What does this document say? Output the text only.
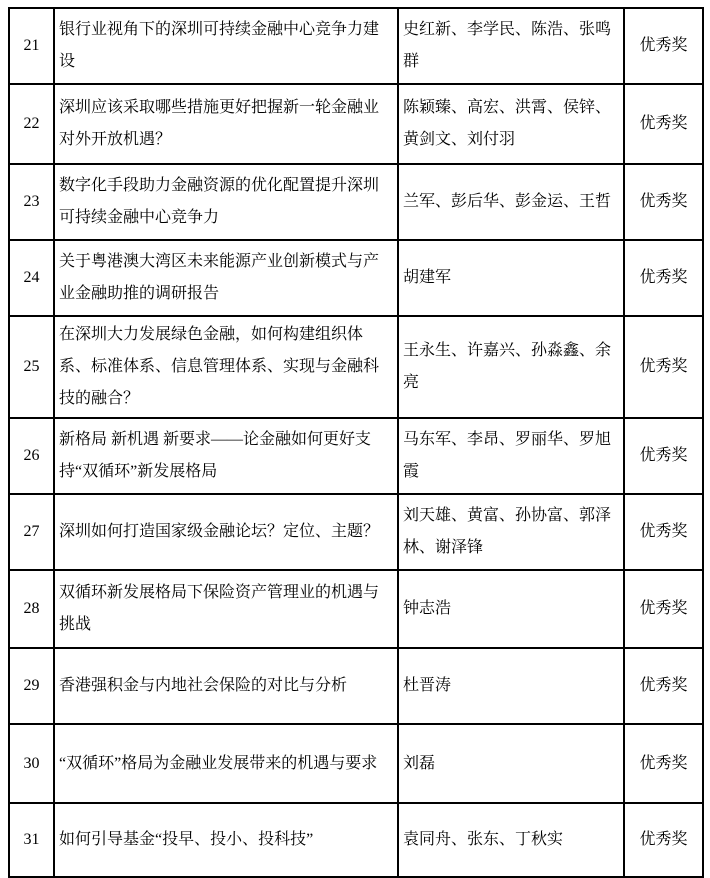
21	银行业视角下的深圳可持续金融中心竞争力建设	史红新、李学民、陈浩、张鸣群	优秀奖
22	深圳应该采取哪些措施更好把握新一轮金融业对外开放机遇？	陈颖臻、高宏、洪霄、侯锌、黄剑文、刘付羽	优秀奖
23	数字化手段助力金融资源的优化配置提升深圳可持续金融中心竞争力	兰军、彭后华、彭金运、王哲	优秀奖
24	关于粤港澳大湾区未来能源产业创新模式与产业金融助推的调研报告	胡建军	优秀奖
25	在深圳大力发展绿色金融，如何构建组织体系、标准体系、信息管理体系、实现与金融科技的融合？	王永生、许嘉兴、孙淼鑫、余亮	优秀奖
26	新格局 新机遇 新要求——论金融如何更好支持“双循环”新发展格局	马东军、李昂、罗丽华、罗旭霞	优秀奖
27	深圳如何打造国家级金融论坛？定位、主题？	刘天雄、黄富、孙协富、郭泽林、谢泽锋	优秀奖
28	双循环新发展格局下保险资产管理业的机遇与挑战	钟志浩	优秀奖
29	香港强积金与内地社会保险的对比与分析	杜晋涛	优秀奖
30	“双循环”格局为金融业发展带来的机遇与要求	刘磊	优秀奖
31	如何引导基金“投早、投小、投科技”	袁同舟、张东、丁秋实	优秀奖
